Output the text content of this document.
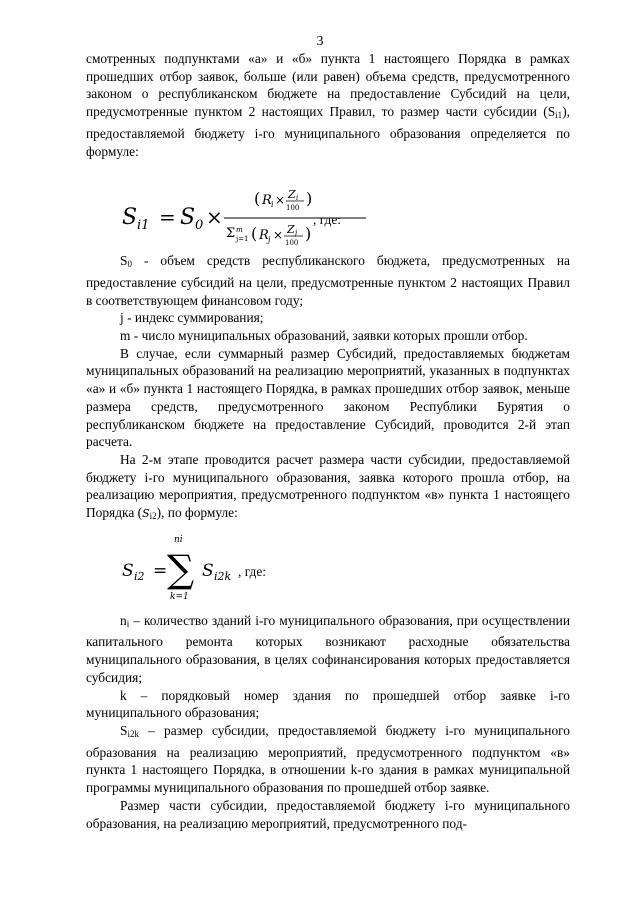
3

смотренных подпунктами «а» и «б» пункта 1 настоящего Порядка в рамках прошедших отбор заявок, больше (или равен) объема средств, предусмотренного законом о республиканском бюджете на предоставление Субсидий на цели, предусмотренные пунктом 2 настоящих Правил, то размер части субсидии $(S_{i1})$, предоставляемой бюджету i-го муниципального образования определяется по формуле:

S i1 = S 0 ×
( R i × Z i
100 )
Σ m
j=1 ( R j × Z j
100 )
, где:

$S_0$ - объем средств республиканского бюджета, предусмотренных на предоставление субсидий на цели, предусмотренные пунктом 2 настоящих Правил в соответствующем финансовом году;

j - индекс суммирования;

m - число муниципальных образований, заявки которых прошли отбор.

В случае, если суммарный размер Субсидий, предоставляемых бюджетам муниципальных образований на реализацию мероприятий, указанных в подпунктах «а» и «б» пункта 1 настоящего Порядка, в рамках прошедших отбор заявок, меньше размера средств, предусмотренного законом Республики Бурятия о республиканском бюджете на предоставление Субсидий, проводится 2-й этап расчета.

На 2-м этапе проводится расчет размера части субсидии, предоставляемой бюджету i-го муниципального образования, заявка которого прошла отбор, на реализацию мероприятия, предусмотренного подпунктом «в» пункта 1 настоящего Порядка $(S_{i2})$, по формуле:

S i2 =
ni
∑
k=1
S i2k , где:

$n_i$ – количество зданий i-го муниципального образования, при осуществлении капитального ремонта которых возникают расходные обязательства муниципального образования, в целях софинансирования которых предоставляется субсидия;

k – порядковый номер здания по прошедшей отбор заявке i-го муниципального образования;

$S_{i2k}$ – размер субсидии, предоставляемой бюджету i-го муниципального образования на реализацию мероприятий, предусмотренного подпунктом «в» пункта 1 настоящего Порядка, в отношении k-го здания в рамках муниципальной программы муниципального образования по прошедшей отбор заявке.

Размер части субсидии, предоставляемой бюджету i-го муниципального образования, на реализацию мероприятий, предусмотренного под-
